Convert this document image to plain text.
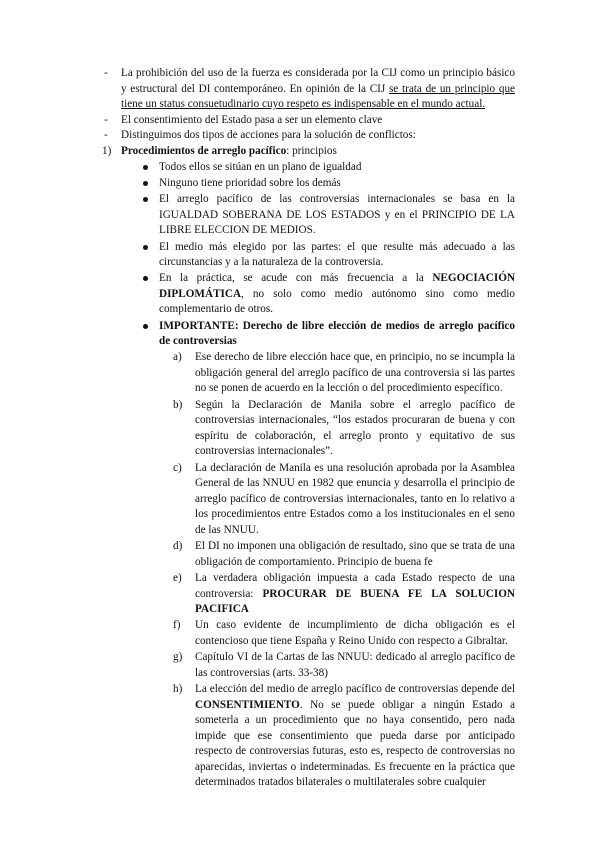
- La prohibición del uso de la fuerza es considerada por la CIJ como un principio básico y estructural del DI contemporáneo. En opinión de la CIJ se trata de un principio que tiene un status consuetudinario cuyo respeto es indispensable en el mundo actual.
- El consentimiento del Estado pasa a ser un elemento clave
- Distinguimos dos tipos de acciones para la solución de conflictos:
1) Procedimientos de arreglo pacífico: principios
Todos ellos se sitúan en un plano de igualdad
Ninguno tiene prioridad sobre los demás
El arreglo pacífico de las controversias internacionales se basa en la IGUALDAD SOBERANA DE LOS ESTADOS y en el PRINCIPIO DE LA LIBRE ELECCION DE MEDIOS.
El medio más elegido por las partes: el que resulte más adecuado a las circunstancias y a la naturaleza de la controversia.
En la práctica, se acude con más frecuencia a la NEGOCIACIÓN DIPLOMÁTICA, no solo como medio autónomo sino como medio complementario de otros.
IMPORTANTE: Derecho de libre elección de medios de arreglo pacífico de controversias
a) Ese derecho de libre elección hace que, en principio, no se incumpla la obligación general del arreglo pacífico de una controversia si las partes no se ponen de acuerdo en la lección o del procedimiento específico.
b) Según la Declaración de Manila sobre el arreglo pacífico de controversias internacionales, “los estados procuraran de buena y con espíritu de colaboración, el arreglo pronto y equitativo de sus controversias internacionales”.
c) La declaración de Manila es una resolución aprobada por la Asamblea General de las NNUU en 1982 que enuncia y desarrolla el principio de arreglo pacífico de controversias internacionales, tanto en lo relativo a los procedimientos entre Estados como a los institucionales en el seno de las NNUU.
d) El DI no imponen una obligación de resultado, sino que se trata de una obligación de comportamiento. Principio de buena fe
e) La verdadera obligación impuesta a cada Estado respecto de una controversia: PROCURAR DE BUENA FE LA SOLUCION PACIFICA
f) Un caso evidente de incumplimiento de dicha obligación es el contencioso que tiene España y Reino Unido con respecto a Gibraltar.
g) Capítulo VI de la Cartas de las NNUU: dedicado al arreglo pacífico de las controversias (arts. 33-38)
h) La elección del medio de arreglo pacífico de controversias depende del CONSENTIMIENTO. No se puede obligar a ningún Estado a someterla a un procedimiento que no haya consentido, pero nada impide que ese consentimiento que pueda darse por anticipado respecto de controversias futuras, esto es, respecto de controversias no aparecidas, inviertas o indeterminadas. Es frecuente en la práctica que determinados tratados bilaterales o multilaterales sobre cualquier
